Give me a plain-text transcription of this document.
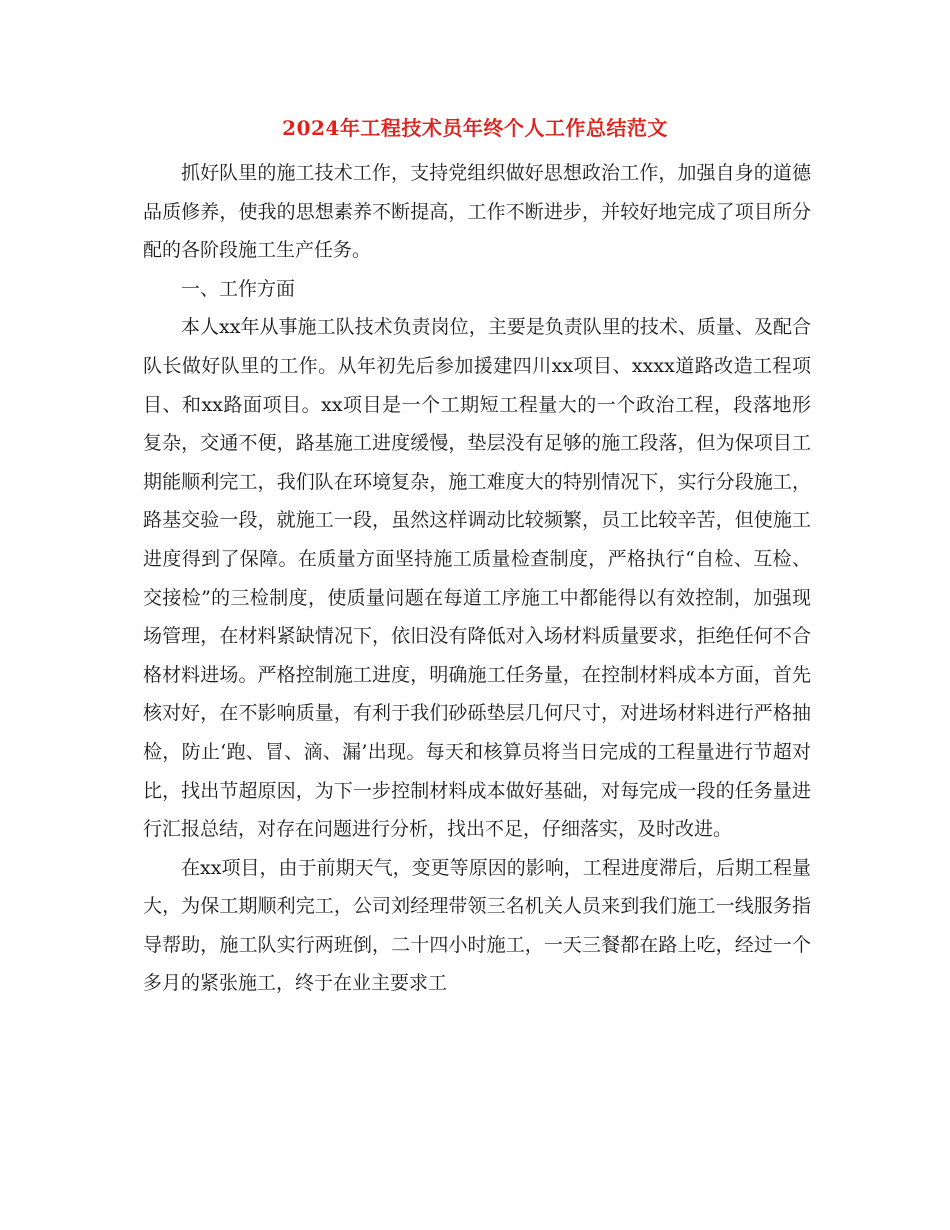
2024年工程技术员年终个人工作总结范文

抓好队里的施工技术工作，支持党组织做好思想政治工作，加强自身的道德品质修养，使我的思想素养不断提高，工作不断进步，并较好地完成了项目所分配的各阶段施工生产任务。

一、工作方面

本人xx年从事施工队技术负责岗位，主要是负责队里的技术、质量、及配合队长做好队里的工作。从年初先后参加援建四川xx项目、xxxx道路改造工程项目、和xx路面项目。xx项目是一个工期短工程量大的一个政治工程，段落地形复杂，交通不便，路基施工进度缓慢，垫层没有足够的施工段落，但为保项目工期能顺利完工，我们队在环境复杂，施工难度大的特别情况下，实行分段施工，路基交验一段，就施工一段，虽然这样调动比较频繁，员工比较辛苦，但使施工进度得到了保障。在质量方面坚持施工质量检查制度，严格执行“自检、互检、交接检”的三检制度，使质量问题在每道工序施工中都能得以有效控制，加强现场管理，在材料紧缺情况下，依旧没有降低对入场材料质量要求，拒绝任何不合格材料进场。严格控制施工进度，明确施工任务量，在控制材料成本方面，首先核对好，在不影响质量，有利于我们砂砾垫层几何尺寸，对进场材料进行严格抽检，防止‘跑、冒、滴、漏’出现。每天和核算员将当日完成的工程量进行节超对比，找出节超原因，为下一步控制材料成本做好基础，对每完成一段的任务量进行汇报总结，对存在问题进行分析，找出不足，仔细落实，及时改进。

在xx项目，由于前期天气，变更等原因的影响，工程进度滞后，后期工程量大，为保工期顺利完工，公司刘经理带领三名机关人员来到我们施工一线服务指导帮助，施工队实行两班倒，二十四小时施工，一天三餐都在路上吃，经过一个多月的紧张施工，终于在业主要求工
